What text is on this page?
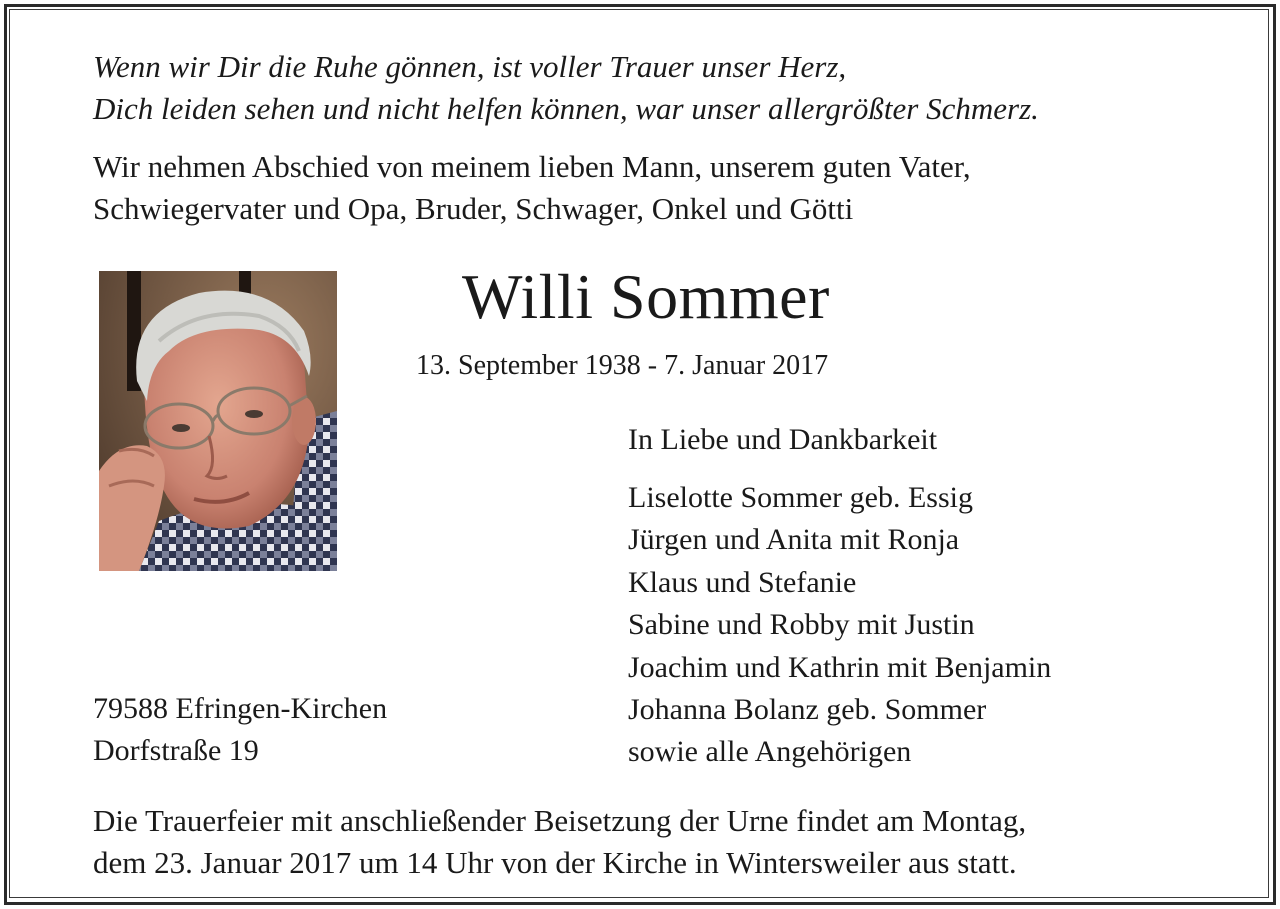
Wenn wir Dir die Ruhe gönnen, ist voller Trauer unser Herz,
Dich leiden sehen und nicht helfen können, war unser allergrößter Schmerz.
Wir nehmen Abschied von meinem lieben Mann, unserem guten Vater,
Schwiegervater und Opa, Bruder, Schwager, Onkel und Götti
Willi Sommer
13. September 1938 - 7. Januar 2017
In Liebe und Dankbarkeit
Liselotte Sommer geb. Essig
Jürgen und Anita mit Ronja
Klaus und Stefanie
Sabine und Robby mit Justin
Joachim und Kathrin mit Benjamin
Johanna Bolanz geb. Sommer
sowie alle Angehörigen
79588 Efringen-Kirchen
Dorfstraße 19
Die Trauerfeier mit anschließender Beisetzung der Urne findet am Montag,
dem 23. Januar 2017 um 14 Uhr von der Kirche in Wintersweiler aus statt.
